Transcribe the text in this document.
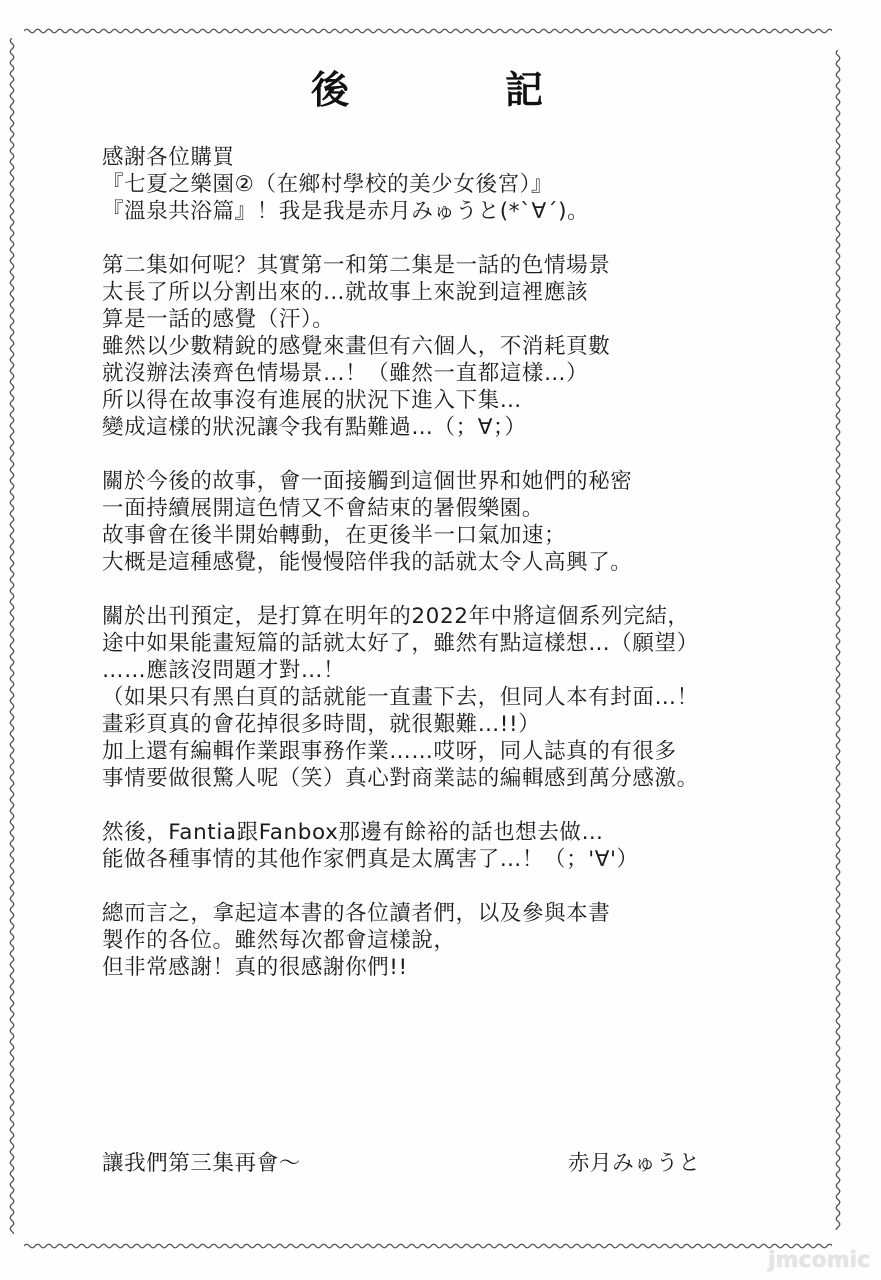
後	記
感謝各位購買
『七夏之樂園②（在鄉村學校的美少女後宮）』
『溫泉共浴篇』！我是我是赤月みゅうと(*ˋ∀ˊ)。
第二集如何呢？其實第一和第二集是一話的色情場景
太長了所以分割出來的…就故事上來說到這裡應該
算是一話的感覺（汗）。
雖然以少數精銳的感覺來畫但有六個人，不消耗頁數
就沒辦法湊齊色情場景…！（雖然一直都這樣…）
所以得在故事沒有進展的狀況下進入下集…
變成這樣的狀況讓令我有點難過…（；∀；）
關於今後的故事，會一面接觸到這個世界和她們的秘密
一面持續展開這色情又不會結束的暑假樂園。
故事會在後半開始轉動，在更後半一口氣加速；
大概是這種感覺，能慢慢陪伴我的話就太令人高興了。
關於出刊預定，是打算在明年的2022年中將這個系列完結，
途中如果能畫短篇的話就太好了，雖然有點這樣想…（願望）
……應該沒問題才對…！
（如果只有黑白頁的話就能一直畫下去，但同人本有封面…！
畫彩頁真的會花掉很多時間，就很艱難…!!）
加上還有編輯作業跟事務作業……哎呀，同人誌真的有很多
事情要做很驚人呢（笑）真心對商業誌的編輯感到萬分感激。
然後，Fantia跟Fanbox那邊有餘裕的話也想去做…
能做各種事情的其他作家們真是太厲害了…！（；'∀'）
總而言之，拿起這本書的各位讀者們，以及參與本書
製作的各位。雖然每次都會這樣說，
但非常感謝！真的很感謝你們!!
讓我們第三集再會～	赤月みゅうと
jmcomic
